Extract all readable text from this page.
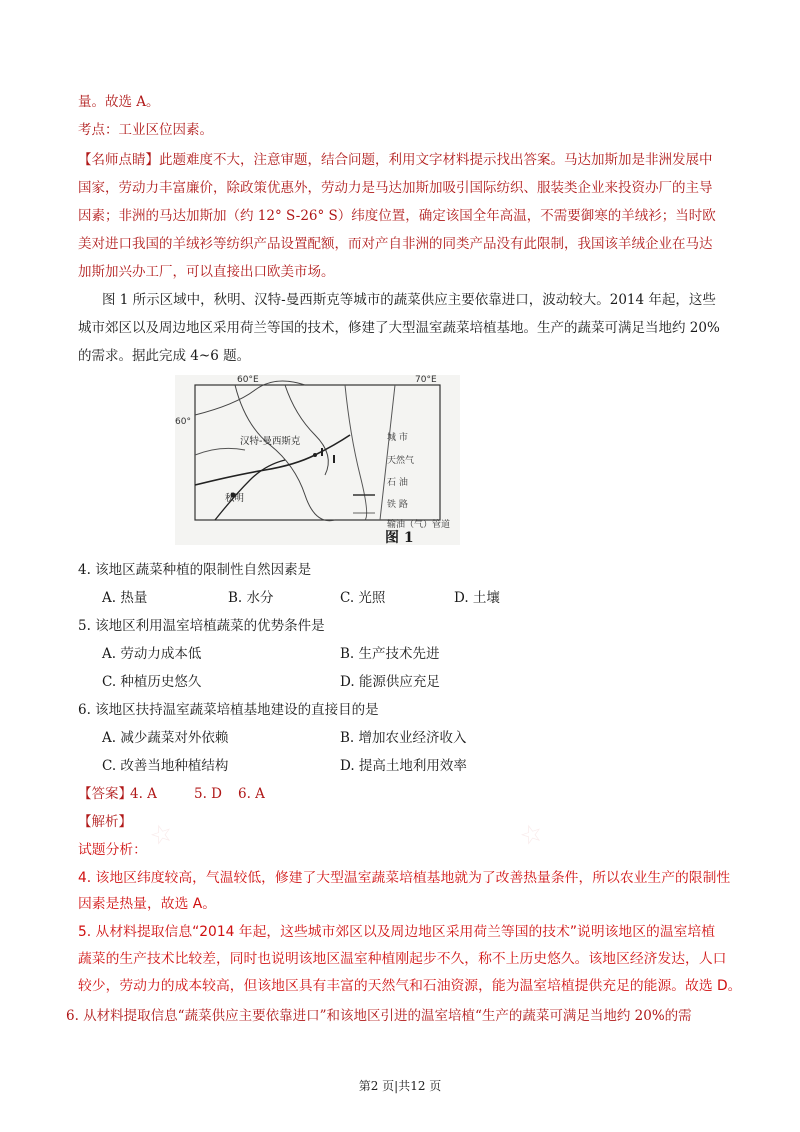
量。故选 A。
考点：工业区位因素。
【名师点睛】此题难度不大，注意审题，结合问题，利用文字材料提示找出答案。马达加斯加是非洲发展中
国家，劳动力丰富廉价，除政策优惠外，劳动力是马达加斯加吸引国际纺织、服装类企业来投资办厂的主导
因素；非洲的马达加斯加（约 12° S-26° S）纬度位置，确定该国全年高温，不需要御寒的羊绒衫；当时欧
美对进口我国的羊绒衫等纺织产品设置配额，而对产自非洲的同类产品没有此限制，我国该羊绒企业在马达
加斯加兴办工厂，可以直接出口欧美市场。
图 1 所示区域中，秋明、汉特-曼西斯克等城市的蔬菜供应主要依靠进口，波动较大。2014 年起，这些
城市郊区以及周边地区采用荷兰等国的技术，修建了大型温室蔬菜培植基地。生产的蔬菜可满足当地约 20%
的需求。据此完成 4~6 题。
汉特-曼西斯克
秋明
60°E	70°E
60°
城 市
天然气
石 油
铁 路
输油（气）管道
图 1
4. 该地区蔬菜种植的限制性自然因素是
A. 热量	B. 水分	C. 光照	D. 土壤
5. 该地区利用温室培植蔬菜的优势条件是
A. 劳动力成本低	B. 生产技术先进
C. 种植历史悠久	D. 能源供应充足
6. 该地区扶持温室蔬菜培植基地建设的直接目的是
A. 减少蔬菜对外依赖	B. 增加农业经济收入
C. 改善当地种植结构	D. 提高土地利用效率
【答案】
4. A	5. D 6. A
【解析】 ☆	☆
试题分析：
4. 该地区纬度较高，气温较低，修建了大型温室蔬菜培植基地就为了改善热量条件，所以农业生产的限制性
因素是热量，故选 A。
5. 从材料提取信息“2014 年起，这些城市郊区以及周边地区采用荷兰等国的技术”说明该地区的温室培植
蔬菜的生产技术比较差，同时也说明该地区温室种植刚起步不久，称不上历史悠久。该地区经济发达，人口
较少，劳动力的成本较高，但该地区具有丰富的天然气和石油资源，能为温室培植提供充足的能源。故选 D。
6. 从材料提取信息“蔬菜供应主要依靠进口”和该地区引进的温室培植“生产的蔬菜可满足当地约 20%的需
第2 页|共12 页
